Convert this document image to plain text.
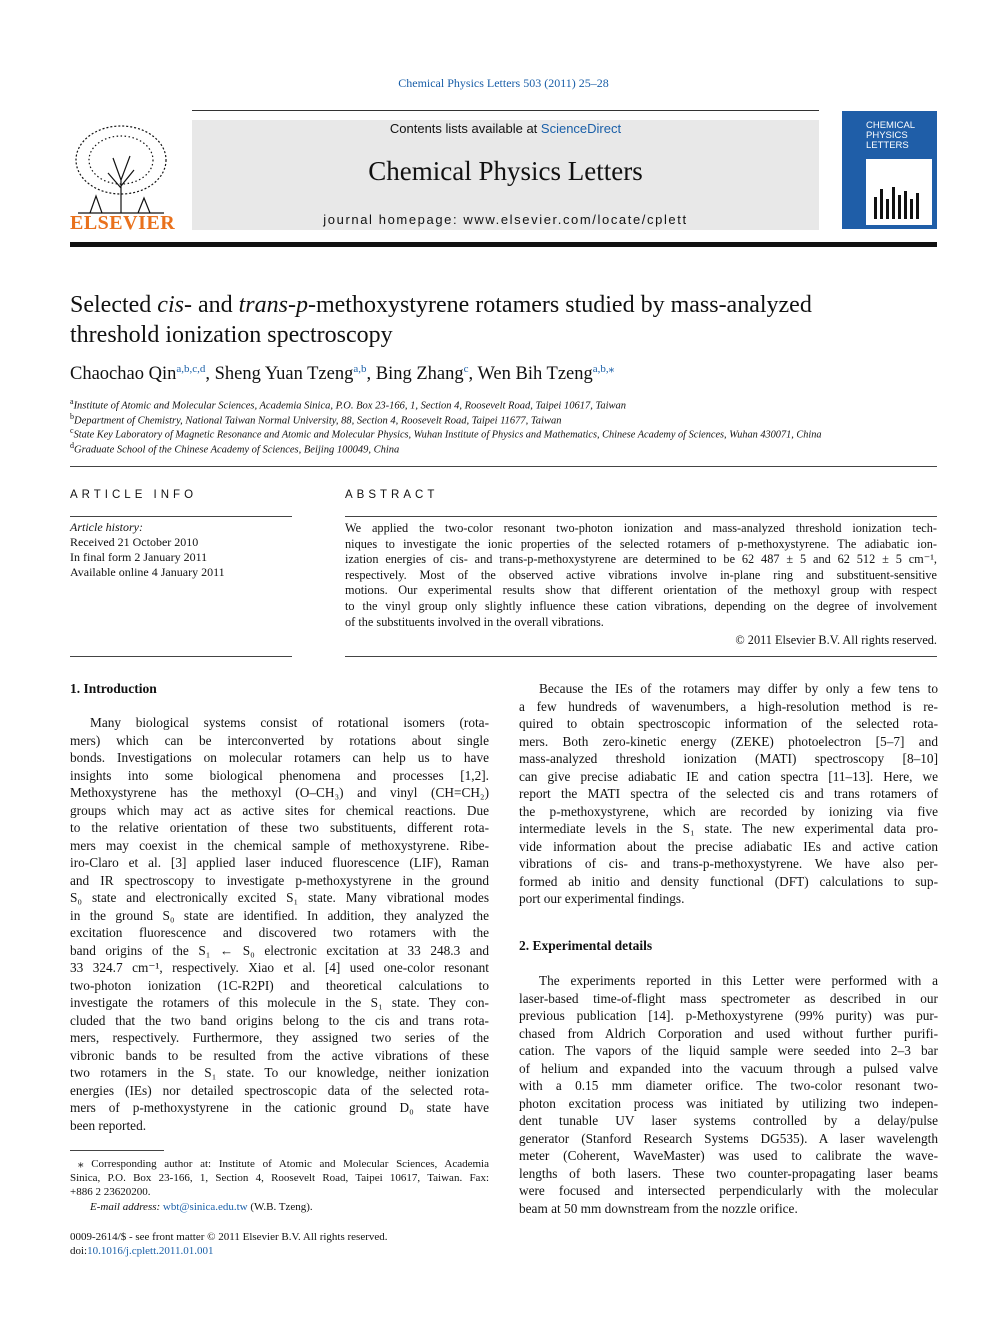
Chemical Physics Letters 503 (2011) 25–28
ELSEVIER
Contents lists available at ScienceDirect
Chemical Physics Letters
journal homepage: www.elsevier.com/locate/cplett
CHEMICAL
PHYSICS
LETTERS
Selected cis- and trans-p-methoxystyrene rotamers studied by mass-analyzed
threshold ionization spectroscopy
Chaochao Qin$^{a,b,c,d}$, Sheng Yuan Tzeng$^{a,b}$, Bing Zhang$^c$, Wen Bih Tzeng$^{a,b,⁎}$
$^a$Institute of Atomic and Molecular Sciences, Academia Sinica, P.O. Box 23-166, 1, Section 4, Roosevelt Road, Taipei 10617, Taiwan
$^b$Department of Chemistry, National Taiwan Normal University, 88, Section 4, Roosevelt Road, Taipei 11677, Taiwan
$^c$State Key Laboratory of Magnetic Resonance and Atomic and Molecular Physics, Wuhan Institute of Physics and Mathematics, Chinese Academy of Sciences, Wuhan 430071, China
$^d$Graduate School of the Chinese Academy of Sciences, Beijing 100049, China
ARTICLE INFO
Article history:
Received 21 October 2010
In final form 2 January 2011
Available online 4 January 2011
ABSTRACT
We applied the two-color resonant two-photon ionization and mass-analyzed threshold ionization tech-
niques to investigate the ionic properties of the selected rotamers of p-methoxystyrene. The adiabatic ion-
ization energies of cis- and trans-p-methoxystyrene are determined to be 62 487 ± 5 and 62 512 ± 5 cm⁻¹,
respectively. Most of the observed active vibrations involve in-plane ring and substituent-sensitive
motions. Our experimental results show that different orientation of the methoxyl group with respect
to the vinyl group only slightly influence these cation vibrations, depending on the degree of involvement
of the substituents involved in the overall vibrations.
© 2011 Elsevier B.V. All rights reserved.
1. Introduction
Many biological systems consist of rotational isomers (rota-
mers) which can be interconverted by rotations about single
bonds. Investigations on molecular rotamers can help us to have
insights into some biological phenomena and processes [1,2].
Methoxystyrene has the methoxyl (O–CH₃) and vinyl (CH=CH₂)
groups which may act as active sites for chemical reactions. Due
to the relative orientation of these two substituents, different rota-
mers may coexist in the chemical sample of methoxystyrene. Ribe-
iro-Claro et al. [3] applied laser induced fluorescence (LIF), Raman
and IR spectroscopy to investigate p-methoxystyrene in the ground
S₀ state and electronically excited S₁ state. Many vibrational modes
in the ground S₀ state are identified. In addition, they analyzed the
excitation fluorescence and discovered two rotamers with the
band origins of the S₁ ← S₀ electronic excitation at 33 248.3 and
33 324.7 cm⁻¹, respectively. Xiao et al. [4] used one-color resonant
two-photon ionization (1C-R2PI) and theoretical calculations to
investigate the rotamers of this molecule in the S₁ state. They con-
cluded that the two band origins belong to the cis and trans rota-
mers, respectively. Furthermore, they assigned two series of the
vibronic bands to be resulted from the active vibrations of these
two rotamers in the S₁ state. To our knowledge, neither ionization
energies (IEs) nor detailed spectroscopic data of the selected rota-
mers of p-methoxystyrene in the cationic ground D₀ state have
been reported.
⁎ Corresponding author at: Institute of Atomic and Molecular Sciences, Academia
Sinica, P.O. Box 23-166, 1, Section 4, Roosevelt Road, Taipei 10617, Taiwan. Fax:
+886 2 23620200.
E-mail address: wbt@sinica.edu.tw (W.B. Tzeng).
0009-2614/$ - see front matter © 2011 Elsevier B.V. All rights reserved.
doi:10.1016/j.cplett.2011.01.001
Because the IEs of the rotamers may differ by only a few tens to
a few hundreds of wavenumbers, a high-resolution method is re-
quired to obtain spectroscopic information of the selected rota-
mers. Both zero-kinetic energy (ZEKE) photoelectron [5–7] and
mass-analyzed threshold ionization (MATI) spectroscopy [8–10]
can give precise adiabatic IE and cation spectra [11–13]. Here, we
report the MATI spectra of the selected cis and trans rotamers of
the p-methoxystyrene, which are recorded by ionizing via five
intermediate levels in the S₁ state. The new experimental data pro-
vide information about the precise adiabatic IEs and active cation
vibrations of cis- and trans-p-methoxystyrene. We have also per-
formed ab initio and density functional (DFT) calculations to sup-
port our experimental findings.
2. Experimental details
The experiments reported in this Letter were performed with a
laser-based time-of-flight mass spectrometer as described in our
previous publication [14]. p-Methoxystyrene (99% purity) was pur-
chased from Aldrich Corporation and used without further purifi-
cation. The vapors of the liquid sample were seeded into 2–3 bar
of helium and expanded into the vacuum through a pulsed valve
with a 0.15 mm diameter orifice. The two-color resonant two-
photon excitation process was initiated by utilizing two indepen-
dent tunable UV laser systems controlled by a delay/pulse
generator (Stanford Research Systems DG535). A laser wavelength
meter (Coherent, WaveMaster) was used to calibrate the wave-
lengths of both lasers. These two counter-propagating laser beams
were focused and intersected perpendicularly with the molecular
beam at 50 mm downstream from the nozzle orifice.
